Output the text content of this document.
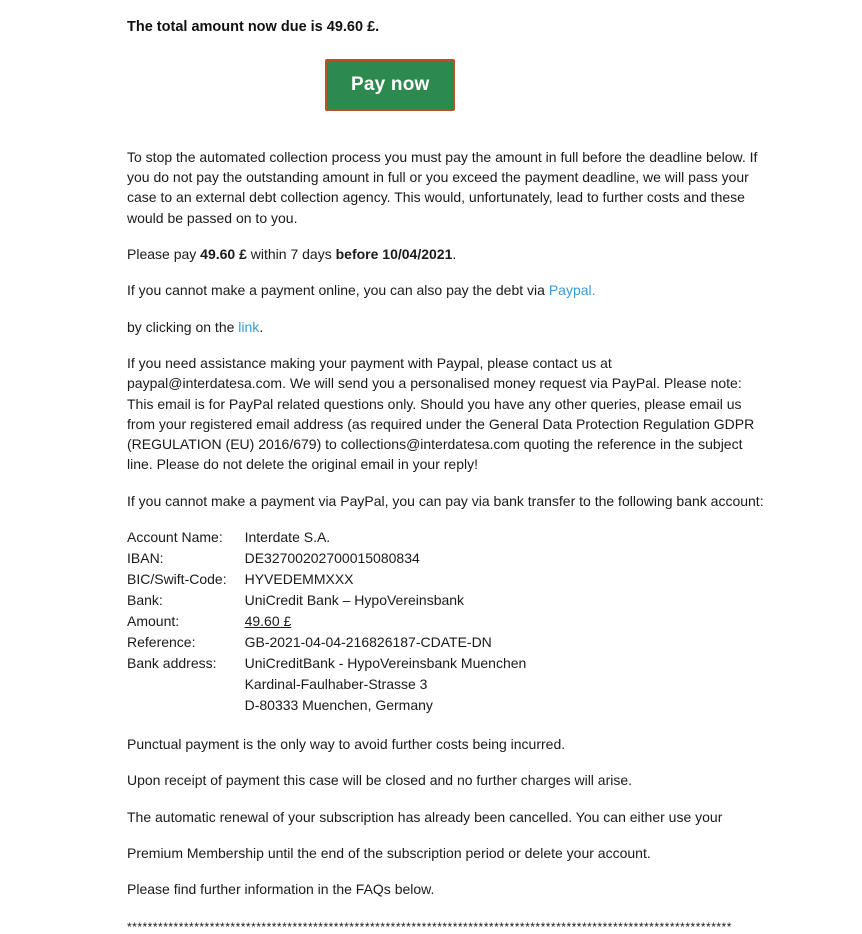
The total amount now due is 49.60 £.
Pay now

To stop the automated collection process you must pay the amount in full before the deadline below. If you do not pay the outstanding amount in full or you exceed the payment deadline, we will pass your case to an external debt collection agency. This would, unfortunately, lead to further costs and these would be passed on to you.

Please pay 49.60 £ within 7 days before 10/04/2021.

If you cannot make a payment online, you can also pay the debt via Paypal.

by clicking on the link.

If you need assistance making your payment with Paypal, please contact us at paypal@interdatesa.com. We will send you a personalised money request via PayPal. Please note: This email is for PayPal related questions only. Should you have any other queries, please email us from your registered email address (as required under the General Data Protection Regulation GDPR (REGULATION (EU) 2016/679) to collections@interdatesa.com quoting the reference in the subject line. Please do not delete the original email in your reply!

If you cannot make a payment via PayPal, you can pay via bank transfer to the following bank account:

Account Name:	Interdate S.A.
IBAN:	DE32700202700015080834
BIC/Swift-Code:	HYVEDEMMXXX
Bank:	UniCredit Bank – HypoVereinsbank
Amount:	49.60 £
Reference:	GB-2021-04-04-216826187-CDATE-DN
Bank address:	UniCreditBank - HypoVereinsbank Muenchen
	Kardinal-Faulhaber-Strasse 3
	D-80333 Muenchen, Germany

Punctual payment is the only way to avoid further costs being incurred.

Upon receipt of payment this case will be closed and no further charges will arise.

The automatic renewal of your subscription has already been cancelled. You can either use your

Premium Membership until the end of the subscription period or delete your account.

Please find further information in the FAQs below.

*********************************************************************************************************************
